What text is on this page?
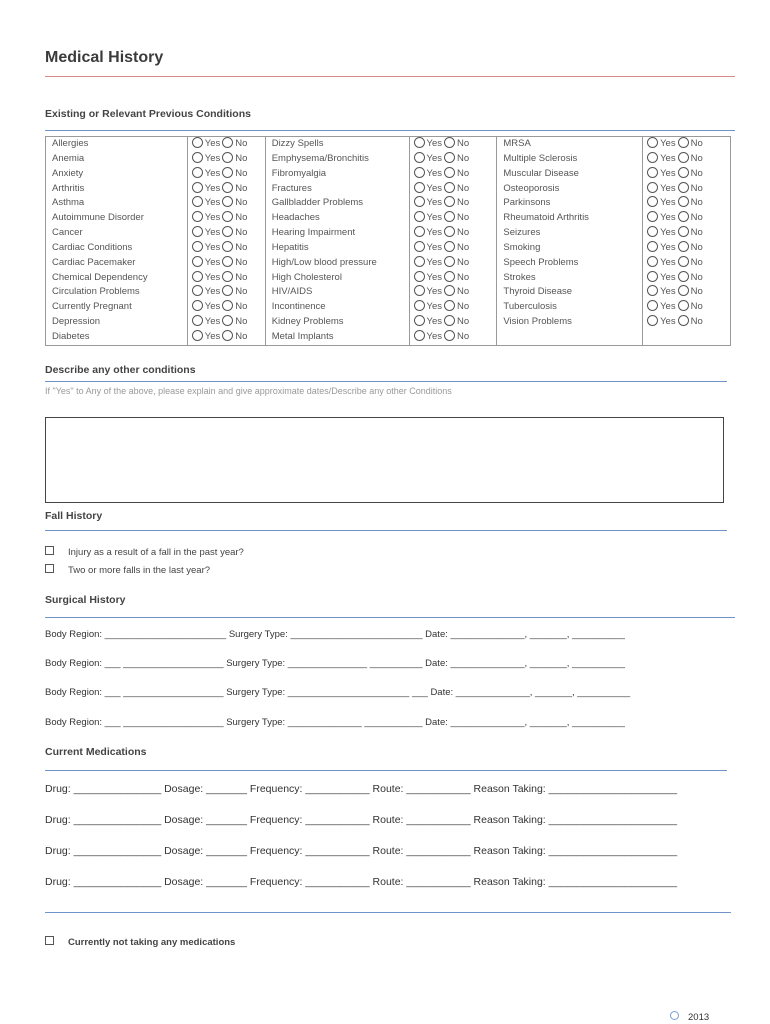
Medical History
Existing or Relevant Previous Conditions
Allergies	Yes No	Dizzy Spells	Yes No	MRSA	Yes No
Anemia	Yes No	Emphysema/Bronchitis	Yes No	Multiple Sclerosis	Yes No
Anxiety	Yes No	Fibromyalgia	Yes No	Muscular Disease	Yes No
Arthritis	Yes No	Fractures	Yes No	Osteoporosis	Yes No
Asthma	Yes No	Gallbladder Problems	Yes No	Parkinsons	Yes No
Autoimmune Disorder	Yes No	Headaches	Yes No	Rheumatoid Arthritis	Yes No
Cancer	Yes No	Hearing Impairment	Yes No	Seizures	Yes No
Cardiac Conditions	Yes No	Hepatitis	Yes No	Smoking	Yes No
Cardiac Pacemaker	Yes No	High/Low blood pressure	Yes No	Speech Problems	Yes No
Chemical Dependency	Yes No	High Cholesterol	Yes No	Strokes	Yes No
Circulation Problems	Yes No	HIV/AIDS	Yes No	Thyroid Disease	Yes No
Currently Pregnant	Yes No	Incontinence	Yes No	Tuberculosis	Yes No
Depression	Yes No	Kidney Problems	Yes No	Vision Problems	Yes No
Diabetes	Yes No	Metal Implants	Yes No		
Describe any other conditions
If "Yes" to Any of the above, please explain and give approximate dates/Describe any other Conditions
Fall History
Injury as a result of a fall in the past year?
Two or more falls in the last year?
Surgical History
Body Region: _______________________ Surgery Type: _________________________ Date: ______________, _______, __________
Body Region: ___ ___________________ Surgery Type: _______________ __________ Date: ______________, _______, __________
Body Region: ___ ___________________ Surgery Type: _______________________ ___ Date: ______________, _______, __________
Body Region: ___ ___________________ Surgery Type: ______________ ___________ Date: ______________, _______, __________
Current Medications
Drug: _______________ Dosage: _______ Frequency: ___________ Route: ___________ Reason Taking: ______________________
Drug: _______________ Dosage: _______ Frequency: ___________ Route: ___________ Reason Taking: ______________________
Drug: _______________ Dosage: _______ Frequency: ___________ Route: ___________ Reason Taking: ______________________
Drug: _______________ Dosage: _______ Frequency: ___________ Route: ___________ Reason Taking: ______________________
Currently not taking any medications
2013
